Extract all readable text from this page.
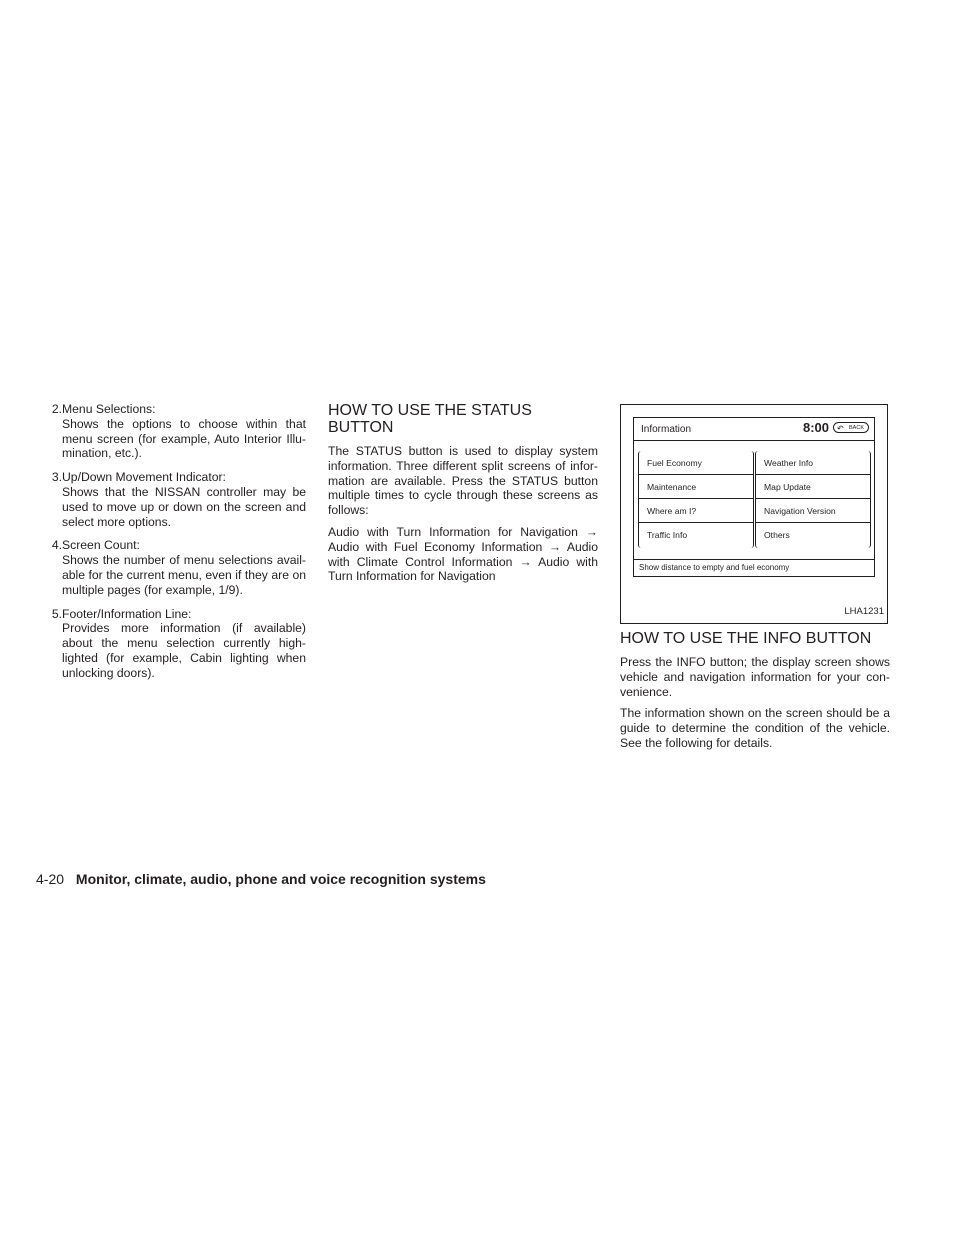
2. Menu Selections:
Shows the options to choose within that menu screen (for example, Auto Interior Illu-mination, etc.).
3. Up/Down Movement Indicator:
Shows that the NISSAN controller may be used to move up or down on the screen and select more options.
4. Screen Count:
Shows the number of menu selections avail-able for the current menu, even if they are on multiple pages (for example, 1/9).
5. Footer/Information Line:
Provides more information (if available) about the menu selection currently high-lighted (for example, Cabin lighting when unlocking doors).
HOW TO USE THE STATUS BUTTON

The STATUS button is used to display system information. Three different split screens of infor-mation are available. Press the STATUS button multiple times to cycle through these screens as follows:

Audio with Turn Information for Navigation → Audio with Fuel Economy Information → Audio with Climate Control Information → Audio with Turn Information for Navigation

Information	8:00 ↶ BACK
Fuel Economy
Maintenance
Where am I?
Traffic Info
Weather Info
Map Update
Navigation Version
Others
Show distance to empty and fuel economy
LHA1231
HOW TO USE THE INFO BUTTON

Press the INFO button; the display screen shows vehicle and navigation information for your con-venience.

The information shown on the screen should be a guide to determine the condition of the vehicle. See the following for details.

4-20 Monitor, climate, audio, phone and voice recognition systems
